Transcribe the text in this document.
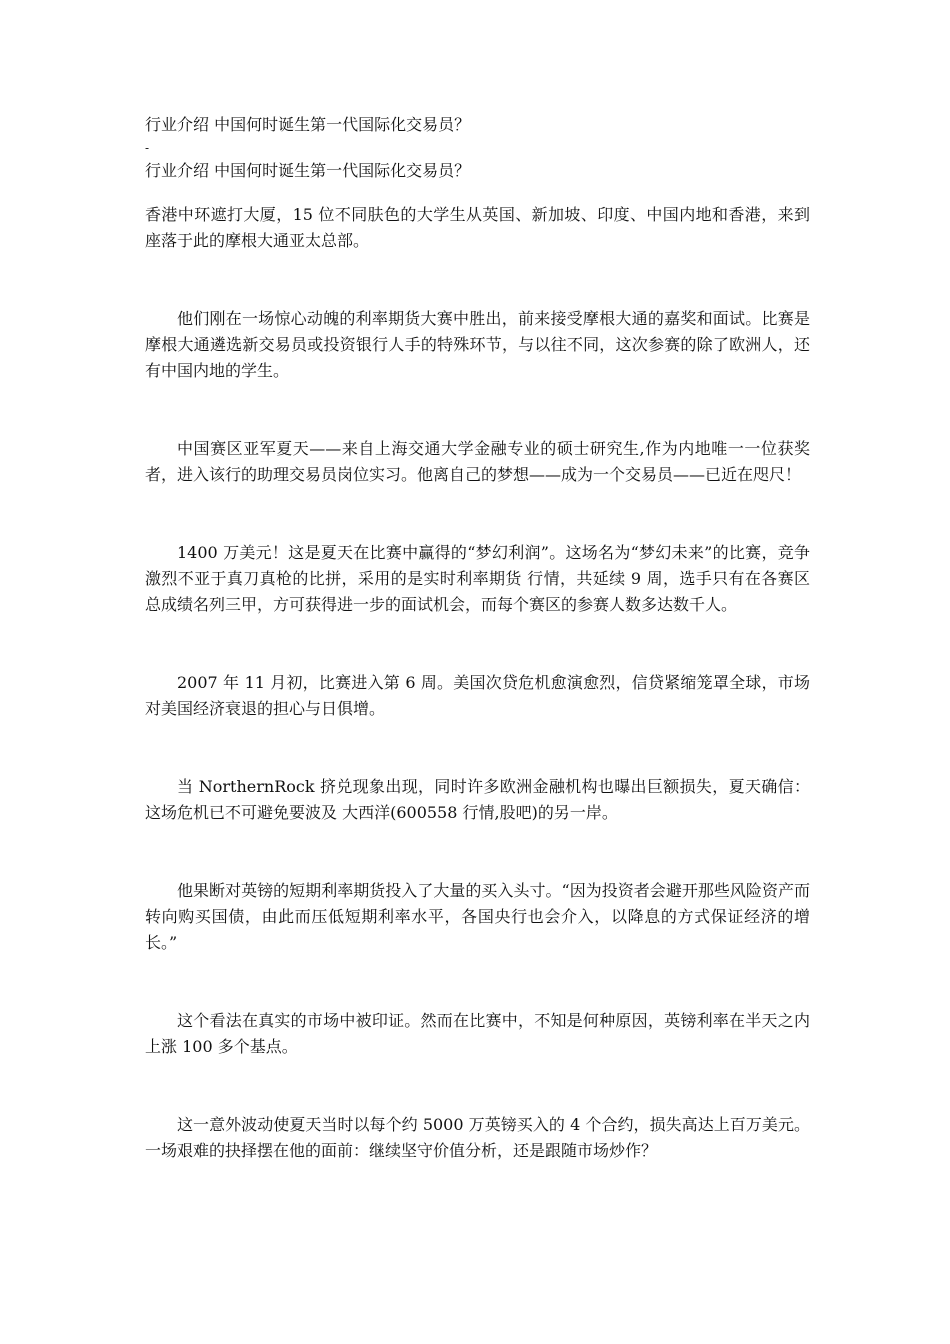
行业介绍 中国何时诞生第一代国际化交易员？

-

行业介绍 中国何时诞生第一代国际化交易员？

香港中环遮打大厦，15 位不同肤色的大学生从英国、新加坡、印度、中国内地和香港，来到座落于此的摩根大通亚太总部。

他们刚在一场惊心动魄的利率期货大赛中胜出，前来接受摩根大通的嘉奖和面试。比赛是摩根大通遴选新交易员或投资银行人手的特殊环节，与以往不同，这次参赛的除了欧洲人，还有中国内地的学生。

中国赛区亚军夏天——来自上海交通大学金融专业的硕士研究生,作为内地唯一一位获奖者，进入该行的助理交易员岗位实习。他离自己的梦想——成为一个交易员——已近在咫尺！

1400 万美元！这是夏天在比赛中赢得的“梦幻利润”。这场名为“梦幻未来”的比赛，竞争激烈不亚于真刀真枪的比拼，采用的是实时利率期货 行情，共延续 9 周，选手只有在各赛区总成绩名列三甲，方可获得进一步的面试机会，而每个赛区的参赛人数多达数千人。

2007 年 11 月初，比赛进入第 6 周。美国次贷危机愈演愈烈，信贷紧缩笼罩全球，市场对美国经济衰退的担心与日俱增。

当 NorthernRock 挤兑现象出现，同时许多欧洲金融机构也曝出巨额损失，夏天确信：这场危机已不可避免要波及 大西洋(600558 行情,股吧)的另一岸。

他果断对英镑的短期利率期货投入了大量的买入头寸。“因为投资者会避开那些风险资产而转向购买国债，由此而压低短期利率水平，各国央行也会介入，以降息的方式保证经济的增长。”

这个看法在真实的市场中被印证。然而在比赛中，不知是何种原因，英镑利率在半天之内上涨 100 多个基点。

这一意外波动使夏天当时以每个约 5000 万英镑买入的 4 个合约，损失高达上百万美元。一场艰难的抉择摆在他的面前：继续坚守价值分析，还是跟随市场炒作？
